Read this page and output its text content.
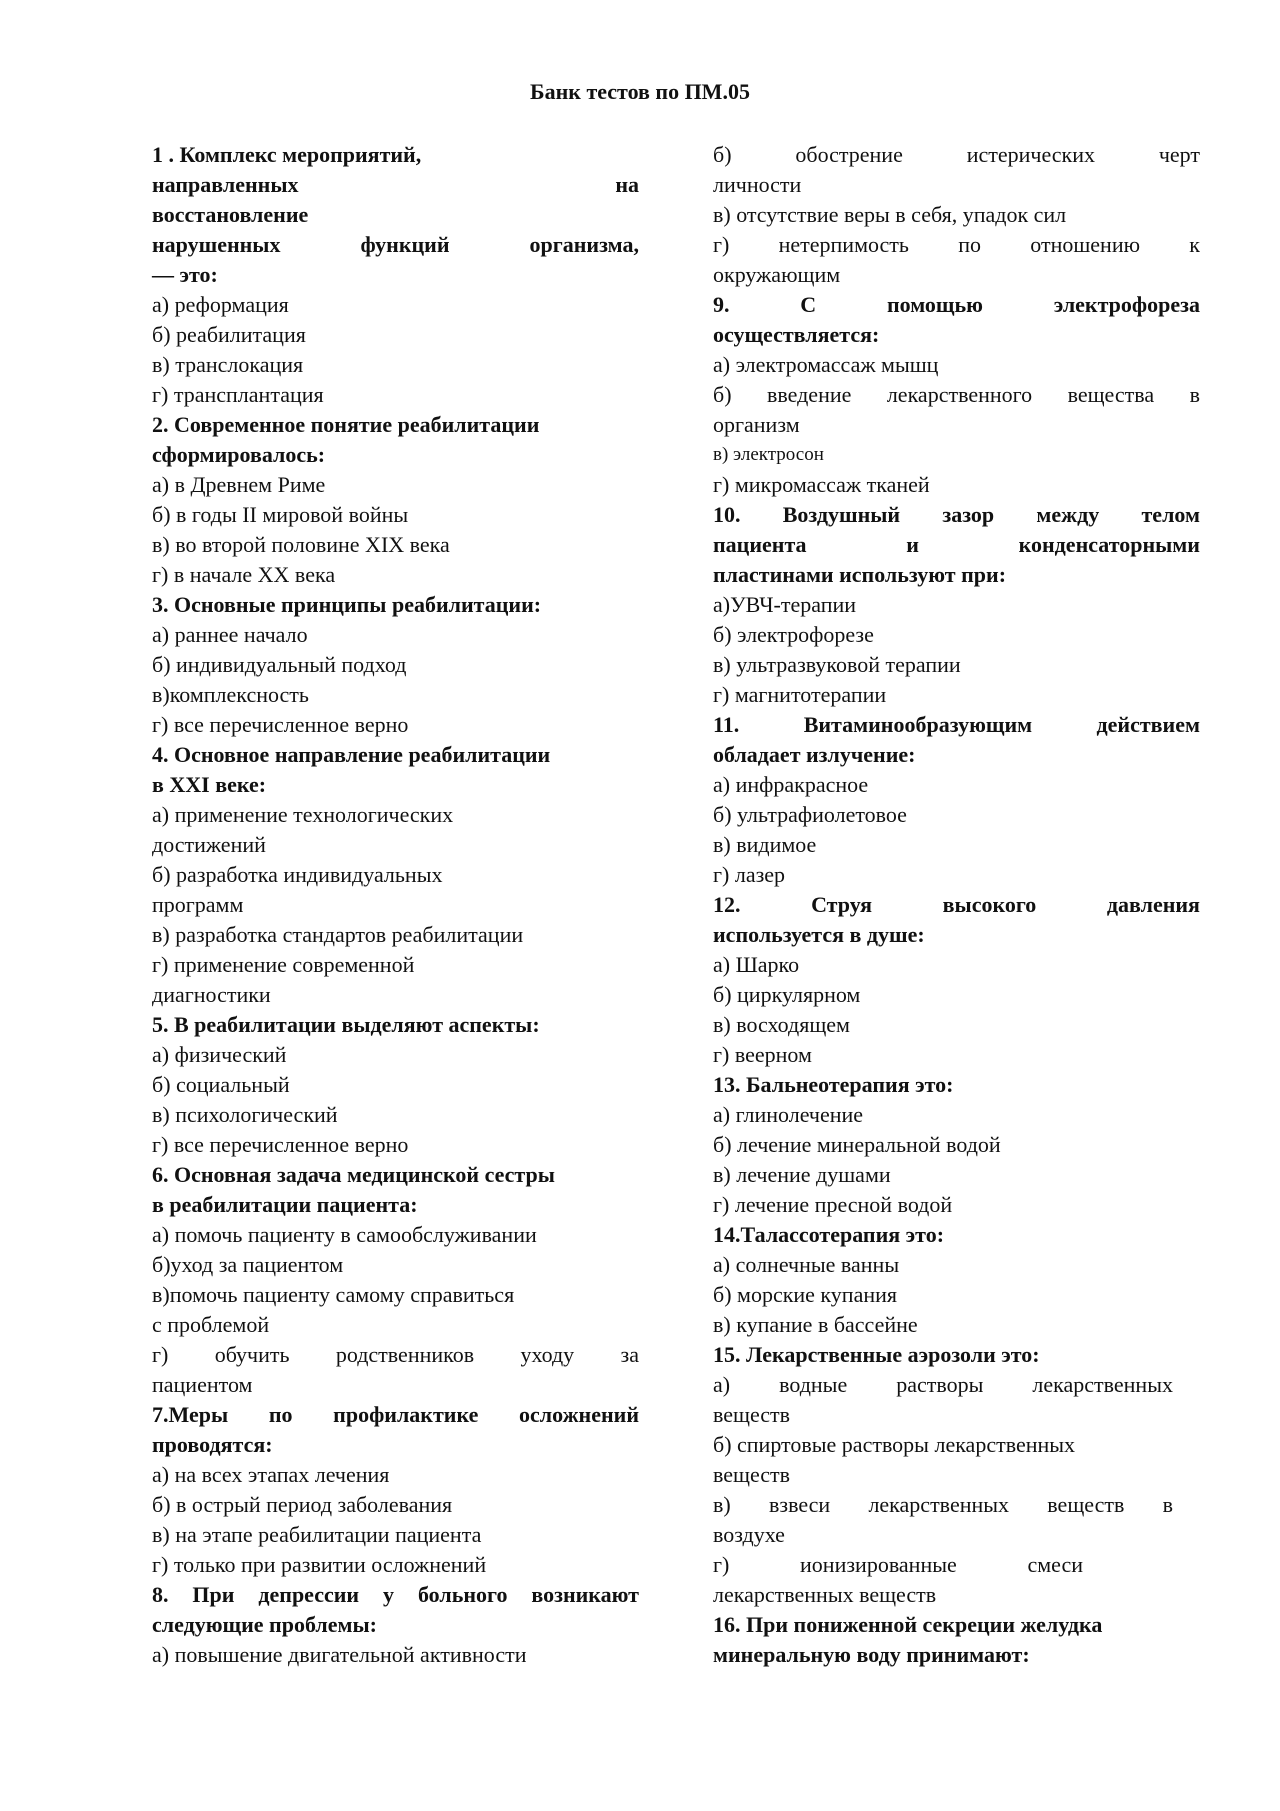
Банк тестов по ПМ.05
1 . Комплекс мероприятий,
направленных	на
восстановление
нарушенных	функций	организма,
— это:
а) реформация
б) реабилитация
в) транслокация
г) трансплантация
2. Современное понятие реабилитации
сформировалось:
а) в Древнем Риме
б) в годы II мировой войны
в) во второй половине XIX века
г) в начале XX века
3. Основные принципы реабилитации:
а) раннее начало
б) индивидуальный подход
в)комплексность
г) все перечисленное верно
4. Основное направление реабилитации
в XXI веке:
а) применение технологических
достижений
б) разработка индивидуальных
программ
в) разработка стандартов реабилитации
г) применение современной
диагностики
5. В реабилитации выделяют аспекты:
а) физический
б) социальный
в) психологический
г) все перечисленное верно
6. Основная задача медицинской сестры
в реабилитации пациента:
а) помочь пациенту в самообслуживании
б)уход за пациентом
в)помочь пациенту самому справиться
с проблемой
г) обучить родственников уходу за
пациентом
7.Меры по профилактике осложнений
проводятся:
а) на всех этапах лечения
б) в острый период заболевания
в) на этапе реабилитации пациента
г) только при развитии осложнений
8. При депрессии у больного возникают
следующие проблемы:
а) повышение двигательной активности
б)	обострение	истерических	черт
личности
в) отсутствие веры в себя, упадок сил
г) нетерпимость по отношению к
окружающим
9.	С	помощью	электрофореза
осуществляется:
а) электромассаж мышц
б) введение лекарственного вещества в
организм
в) электросон
г) микромассаж тканей
10. Воздушный зазор между телом
пациента	и	конденсаторными
пластинами используют при:
а)УВЧ-терапии
б) электрофорезе
в) ультразвуковой терапии
г) магнитотерапии
11.	Витаминообразующим	действием
обладает излучение:
а) инфракрасное
б) ультрафиолетовое
в) видимое
г) лазер
12.	Струя	высокого	давления
используется в душе:
а) Шарко
б) циркулярном
в) восходящем
г) веерном
13. Бальнеотерапия это:
а) глинолечение
б) лечение минеральной водой
в) лечение душами
г) лечение пресной водой
14.Талассотерапия это:
а) солнечные ванны
б) морские купания
в) купание в бассейне
15. Лекарственные аэрозоли это:
а) водные растворы лекарственных
веществ
б) спиртовые растворы лекарственных
веществ
в) взвеси лекарственных веществ в
воздухе
г)	ионизированные	смеси
лекарственных веществ
16. При пониженной секреции желудка
минеральную воду принимают:
